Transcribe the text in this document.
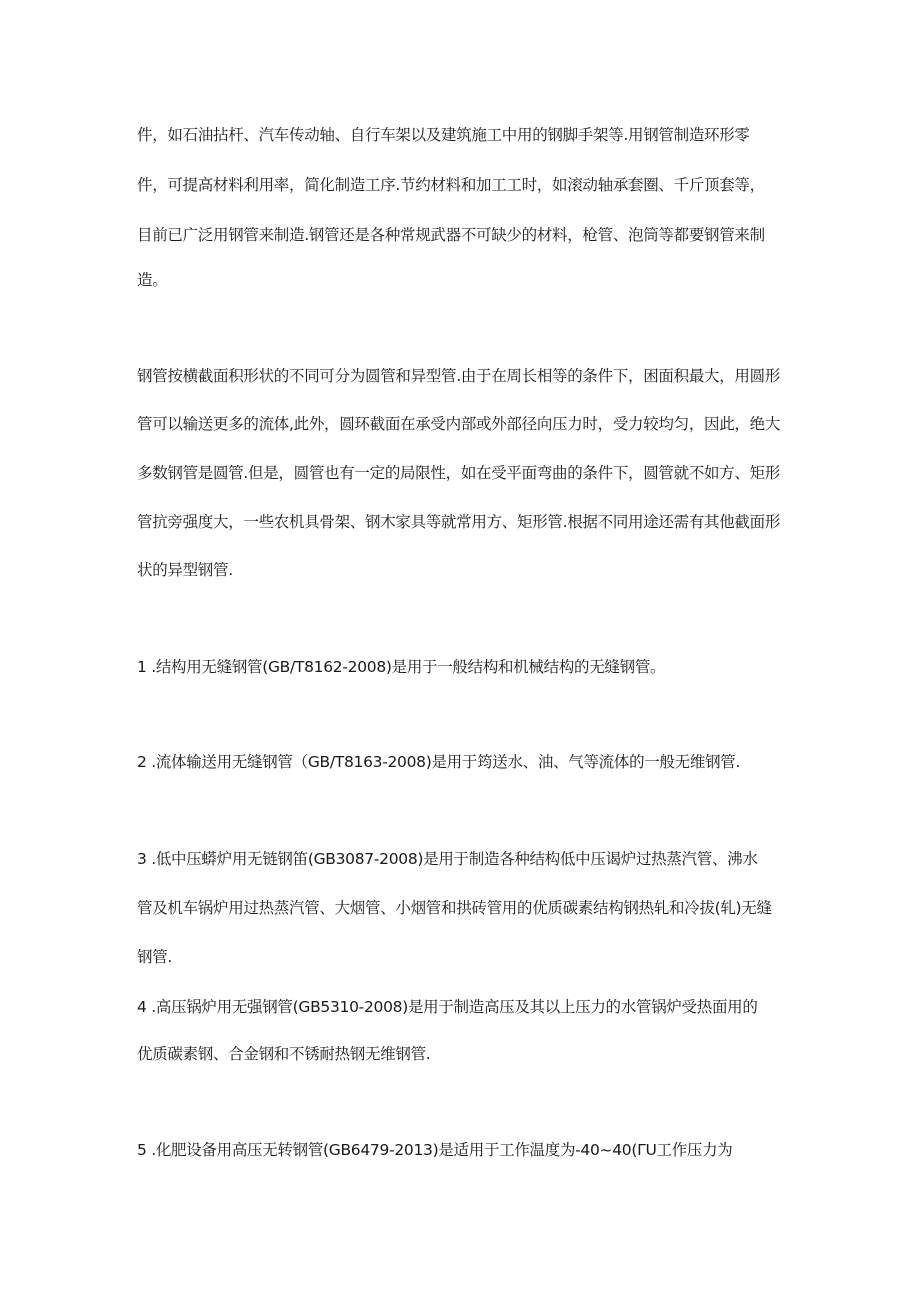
件，如石油拈杆、汽车传动轴、自行车架以及建筑施工中用的钢脚手架等.用钢管制造环形零
件，可提高材料利用率，简化制造工序.节约材料和加工工时，如滚动轴承套圈、千斤顶套等，
目前已广泛用钢管来制造.钢管还是各种常规武器不可缺少的材料，枪管、泡筒等都要钢管来制
造。
钢管按横截面积形状的不同可分为圆管和异型管.由于在周长相等的条件下，困面积最大，用圆形
管可以输送更多的流体,此外，圆环截面在承受内部或外部径向压力时，受力较均匀，因此，绝大
多数钢管是圆管.但是，圆管也有一定的局限性，如在受平面弯曲的条件下，圆管就不如方、矩形
管抗旁强度大，一些农机具骨架、钢木家具等就常用方、矩形管.根据不同用途还需有其他截面形
状的异型钢管.
1 .结构用无缝钢管(GB/T8162-2008)是用于一般结构和机械结构的无缝钢管。
2 .流体输送用无缝钢管（GB/T8163-2008)是用于筠送水、油、气等流体的一般无维钢管.
3 .低中压蟒炉用无链钢笛(GB3087-2008)是用于制造各种结构低中压谒炉过热蒸汽管、沸水
管及机车锅炉用过热蒸汽管、大烟管、小烟管和拱砖管用的优质碳素结构钢热轧和冷拔(轧)无缝
钢管.
4 .高压锅炉用无强钢管(GB5310-2008)是用于制造高压及其以上压力的水管锅炉受热面用的
优质碳素钢、合金钢和不锈耐热钢无维钢管.
5 .化肥设备用高压无转钢管(GB6479-2013)是适用于工作温度为-40~40(ΓU工作压力为
